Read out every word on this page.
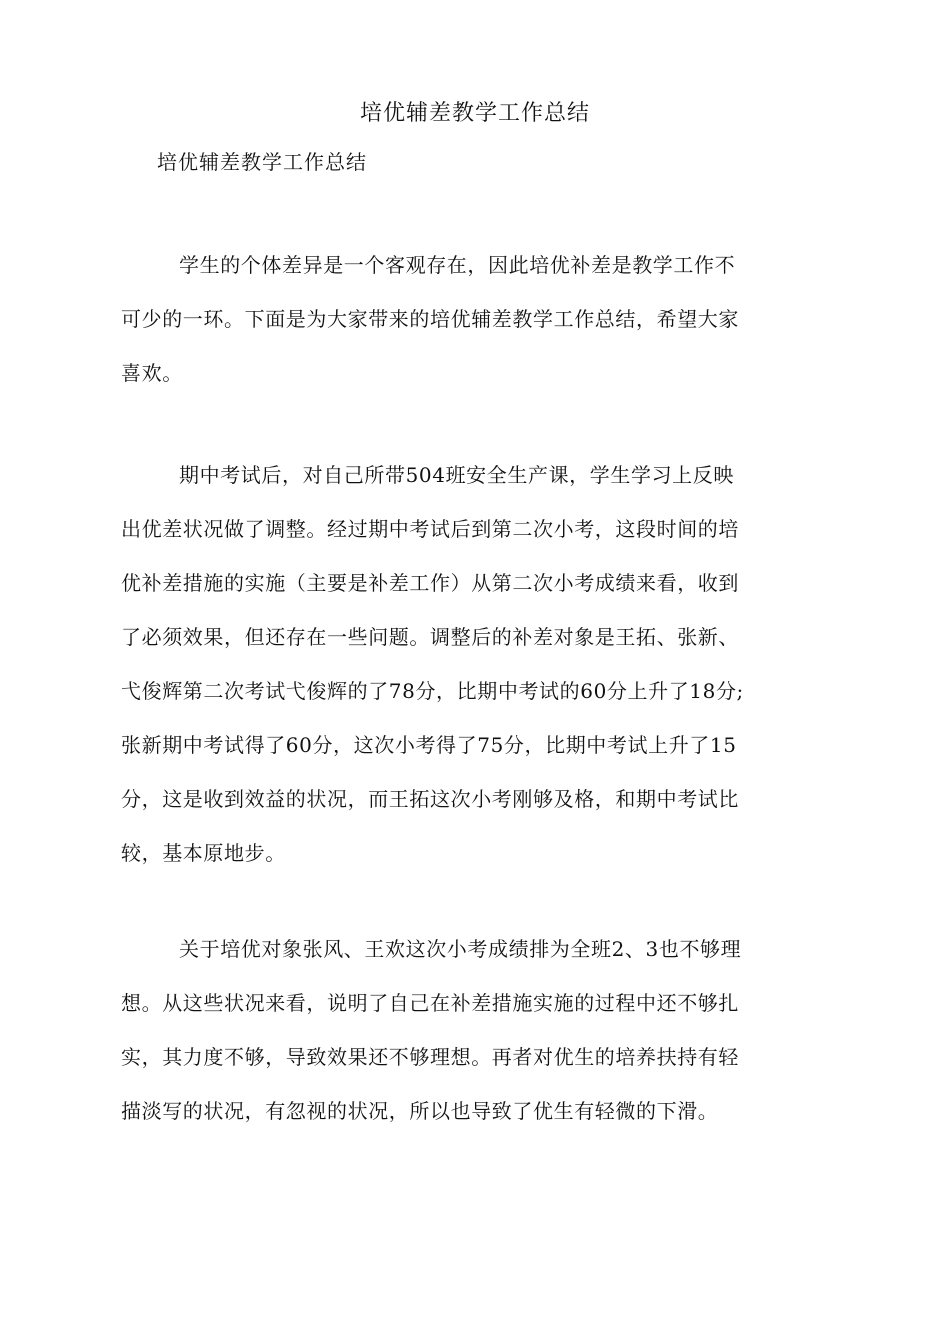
培优辅差教学工作总结
培优辅差教学工作总结
学生的个体差异是一个客观存在，因此培优补差是教学工作不
可少的一环。下面是为大家带来的培优辅差教学工作总结，希望大家
喜欢。
期中考试后，对自己所带504班安全生产课，学生学习上反映
出优差状况做了调整。经过期中考试后到第二次小考，这段时间的培
优补差措施的实施（主要是补差工作）从第二次小考成绩来看，收到
了必须效果，但还存在一些问题。调整后的补差对象是王拓、张新、
弋俊辉第二次考试弋俊辉的了78分，比期中考试的60分上升了18分;
张新期中考试得了60分，这次小考得了75分，比期中考试上升了15
分，这是收到效益的状况，而王拓这次小考刚够及格，和期中考试比
较，基本原地步。
关于培优对象张风、王欢这次小考成绩排为全班2、3也不够理
想。从这些状况来看，说明了自己在补差措施实施的过程中还不够扎
实，其力度不够，导致效果还不够理想。再者对优生的培养扶持有轻
描淡写的状况，有忽视的状况，所以也导致了优生有轻微的下滑。
